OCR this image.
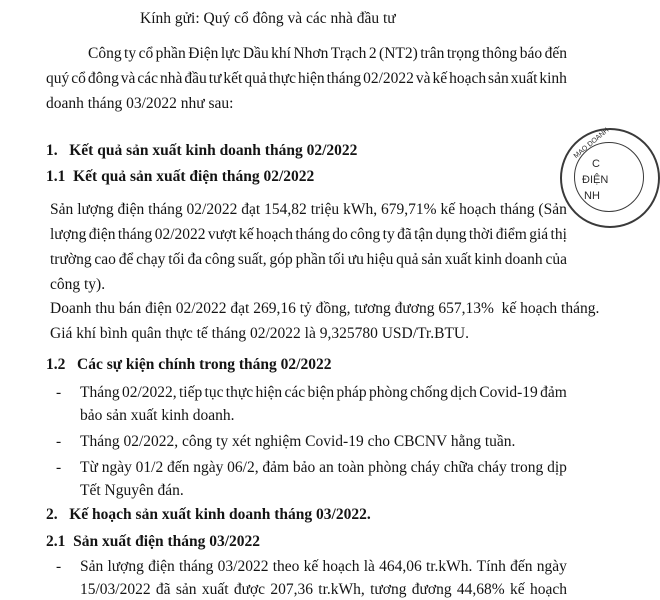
Kính gửi: Quý cổ đông và các nhà đầu tư
Công ty cổ phần Điện lực Dầu khí Nhơn Trạch 2 (NT2) trân trọng thông báo đến
quý cổ đông và các nhà đầu tư kết quả thực hiện tháng 02/2022 và kế hoạch sản xuất kinh
doanh tháng 03/2022 như sau:
1.   Kết quả sản xuất kinh doanh tháng 02/2022
1.1  Kết quả sản xuất điện tháng 02/2022
Sản lượng điện tháng 02/2022 đạt 154,82 triệu kWh, 679,71% kế hoạch tháng (Sản
lượng điện tháng 02/2022 vượt kế hoạch tháng do công ty đã tận dụng thời điểm giá thị
trường cao để chạy tối đa công suất, góp phần tối ưu hiệu quả sản xuất kinh doanh của
công ty).
Doanh thu bán điện 02/2022 đạt 269,16 tỷ đồng, tương đương 657,13%  kế hoạch tháng.
Giá khí bình quân thực tế tháng 02/2022 là 9,325780 USD/Tr.BTU.
1.2   Các sự kiện chính trong tháng 02/2022
- Tháng 02/2022, tiếp tục thực hiện các biện pháp phòng chống dịch Covid-19 đảm
bảo sản xuất kinh doanh.
- Tháng 02/2022, công ty xét nghiệm Covid-19 cho CBCNV hằng tuần.
- Từ ngày 01/2 đến ngày 06/2, đảm bảo an toàn phòng cháy chữa cháy trong dịp
Tết Nguyên đán.
2.   Kế hoạch sản xuất kinh doanh tháng 03/2022.
2.1  Sản xuất điện tháng 03/2022
- Sản lượng điện tháng 03/2022 theo kế hoạch là 464,06 tr.kWh. Tính đến ngày
15/03/2022 đã sản xuất được 207,36 tr.kWh, tương đương 44,68% kế hoạch
MAO DOANH
C
ĐIỆN
NH
